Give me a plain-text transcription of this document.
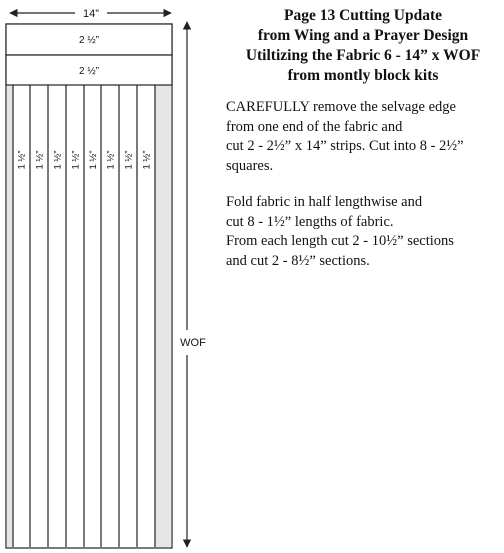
14”
2 ½”
2 ½”
1 ½” 1 ½” 1 ½” 1 ½” 1 ½” 1 ½” 1 ½” 1 ½”
WOF
Page 13 Cutting Update
from Wing and a Prayer Design
Utiltizing the Fabric 6 - 14” x WOF
from montly block kits
CAREFULLY remove the selvage edge
from one end of the fabric and
cut 2 - 2½” x 14” strips. Cut into 8 - 2½”
squares.
Fold fabric in half lengthwise and
cut 8 - 1½” lengths of fabric.
From each length cut 2 - 10½” sections
and cut 2 - 8½” sections.
